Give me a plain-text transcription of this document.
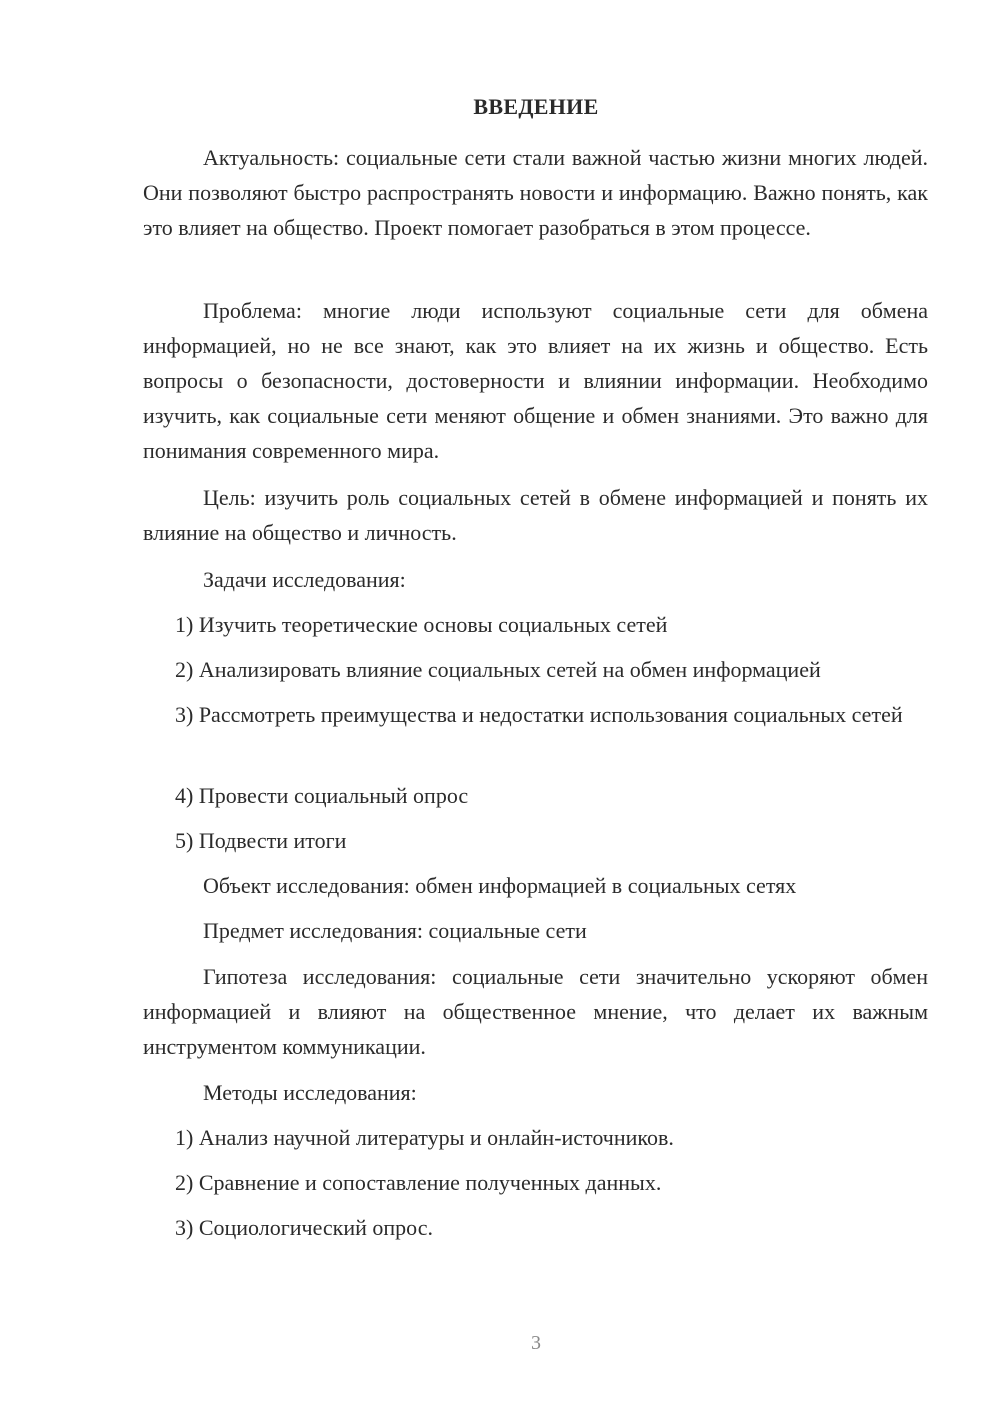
ВВЕДЕНИЕ

Актуальность: социальные сети стали важной частью жизни многих людей. Они позволяют быстро распространять новости и информацию. Важно понять, как это влияет на общество. Проект помогает разобраться в этом процессе.

Проблема: многие люди используют социальные сети для обмена информацией, но не все знают, как это влияет на их жизнь и общество. Есть вопросы о безопасности, достоверности и влиянии информации. Необходимо изучить, как социальные сети меняют общение и обмен знаниями. Это важно для понимания современного мира.

Цель: изучить роль социальных сетей в обмене информацией и понять их влияние на общество и личность.

Задачи исследования:

1) Изучить теоретические основы социальных сетей

2) Анализировать влияние социальных сетей на обмен информацией

3) Рассмотреть преимущества и недостатки использования социальных сетей

4) Провести социальный опрос

5) Подвести итоги

Объект исследования: обмен информацией в социальных сетях

Предмет исследования: социальные сети

Гипотеза исследования: социальные сети значительно ускоряют обмен информацией и влияют на общественное мнение, что делает их важным инструментом коммуникации.

Методы исследования:

1) Анализ научной литературы и онлайн-источников.

2) Сравнение и сопоставление полученных данных.

3) Социологический опрос.

3
